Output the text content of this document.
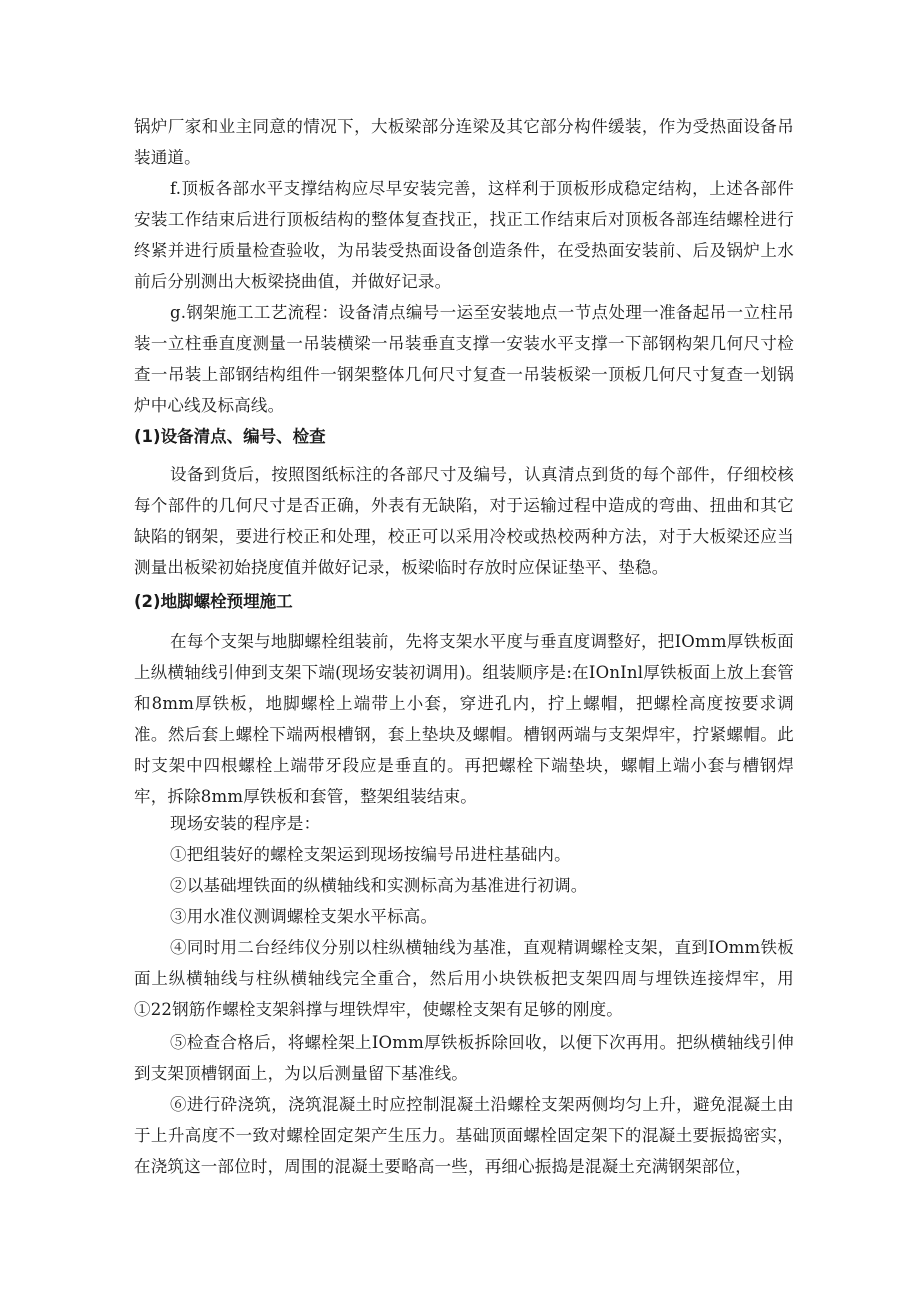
锅炉厂家和业主同意的情况下，大板梁部分连梁及其它部分构件缓装，作为受热面设备吊装通道。

f.顶板各部水平支撑结构应尽早安装完善，这样利于顶板形成稳定结构，上述各部件安装工作结束后进行顶板结构的整体复查找正，找正工作结束后对顶板各部连结螺栓进行终紧并进行质量检查验收，为吊装受热面设备创造条件，在受热面安装前、后及锅炉上水前后分别测出大板梁挠曲值，并做好记录。

g.钢架施工工艺流程：设备清点编号一运至安装地点一节点处理一准备起吊一立柱吊装一立柱垂直度测量一吊装横梁一吊装垂直支撑一安装水平支撑一下部钢构架几何尺寸检查一吊装上部钢结构组件一钢架整体几何尺寸复查一吊装板梁一顶板几何尺寸复查一划锅炉中心线及标高线。

(1)设备清点、编号、检查

设备到货后，按照图纸标注的各部尺寸及编号，认真清点到货的每个部件，仔细校核每个部件的几何尺寸是否正确，外表有无缺陷，对于运输过程中造成的弯曲、扭曲和其它缺陷的钢架，要进行校正和处理，校正可以采用冷校或热校两种方法，对于大板梁还应当测量出板梁初始挠度值并做好记录，板梁临时存放时应保证垫平、垫稳。

(2)地脚螺栓预埋施工

在每个支架与地脚螺栓组装前，先将支架水平度与垂直度调整好，把IOmm厚铁板面上纵横轴线引伸到支架下端(现场安装初调用)。组装顺序是:在IOnInl厚铁板面上放上套管和8mm厚铁板，地脚螺栓上端带上小套，穿进孔内，拧上螺帽，把螺栓高度按要求调准。然后套上螺栓下端两根槽钢，套上垫块及螺帽。槽钢两端与支架焊牢，拧紧螺帽。此时支架中四根螺栓上端带牙段应是垂直的。再把螺栓下端垫块，螺帽上端小套与槽钢焊牢，拆除8mm厚铁板和套管，整架组装结束。

现场安装的程序是：

①把组装好的螺栓支架运到现场按编号吊进柱基础内。

②以基础埋铁面的纵横轴线和实测标高为基准进行初调。

③用水准仪测调螺栓支架水平标高。

④同时用二台经纬仪分别以柱纵横轴线为基准，直观精调螺栓支架，直到IOmm铁板面上纵横轴线与柱纵横轴线完全重合，然后用小块铁板把支架四周与埋铁连接焊牢，用①22钢筋作螺栓支架斜撑与埋铁焊牢，使螺栓支架有足够的刚度。

⑤检查合格后，将螺栓架上IOmm厚铁板拆除回收，以便下次再用。把纵横轴线引伸到支架顶槽钢面上，为以后测量留下基准线。

⑥进行砕浇筑，浇筑混凝土时应控制混凝土沿螺栓支架两侧均匀上升，避免混凝土由于上升高度不一致对螺栓固定架产生压力。基础顶面螺栓固定架下的混凝土要振捣密实，在浇筑这一部位时，周围的混凝土要略高一些，再细心振捣是混凝土充满钢架部位，
